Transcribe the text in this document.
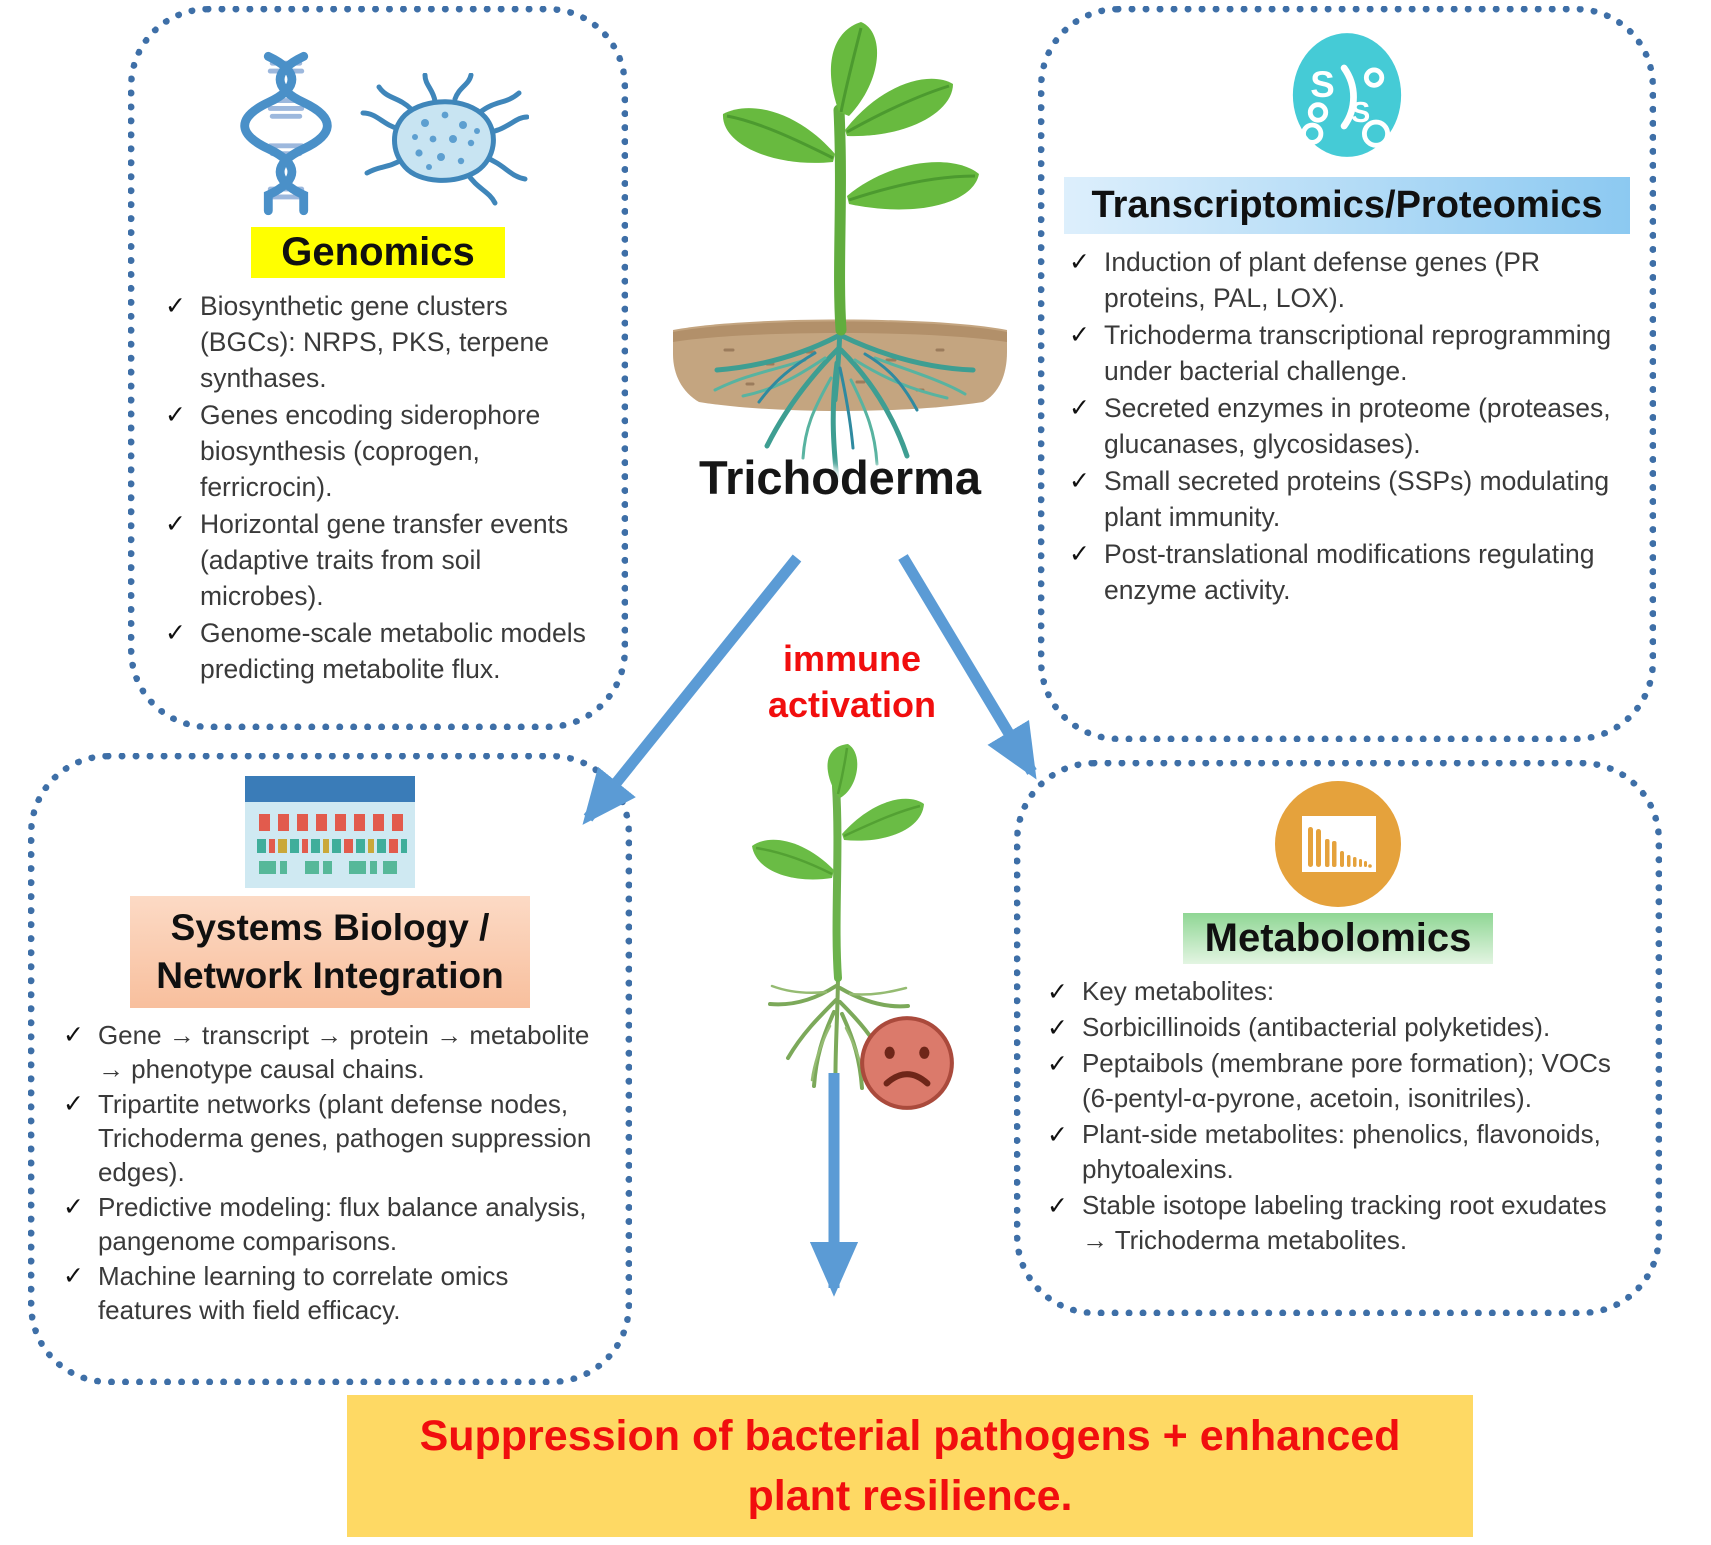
Genomics
✓ Biosynthetic gene clusters (BGCs): NRPS, PKS, terpene synthases.
✓ Genes encoding siderophore biosynthesis (coprogen, ferricrocin).
✓ Horizontal gene transfer events (adaptive traits from soil microbes).
✓ Genome-scale metabolic models predicting metabolite flux.
S
S
Transcriptomics/Proteomics
✓ Induction of plant defense genes (PR proteins, PAL, LOX).
✓ Trichoderma transcriptional reprogramming under bacterial challenge.
✓ Secreted enzymes in proteome (proteases, glucanases, glycosidases).
✓ Small secreted proteins (SSPs) modulating plant immunity.
✓ Post-translational modifications regulating enzyme activity.
Systems Biology /
Network Integration
✓ Gene → transcript → protein → metabolite → phenotype causal chains.
✓ Tripartite networks (plant defense nodes, Trichoderma genes, pathogen suppression edges).
✓ Predictive modeling: flux balance analysis, pangenome comparisons.
✓ Machine learning to correlate omics features with field efficacy.
Metabolomics
✓ Key metabolites:
✓ Sorbicillinoids (antibacterial polyketides).
✓ Peptaibols (membrane pore formation); VOCs (6-pentyl-α-pyrone, acetoin, isonitriles).
✓ Plant-side metabolites: phenolics, flavonoids, phytoalexins.
✓ Stable isotope labeling tracking root exudates → Trichoderma metabolites.
Trichoderma
immune activation
Suppression of bacterial pathogens + enhanced plant resilience.
